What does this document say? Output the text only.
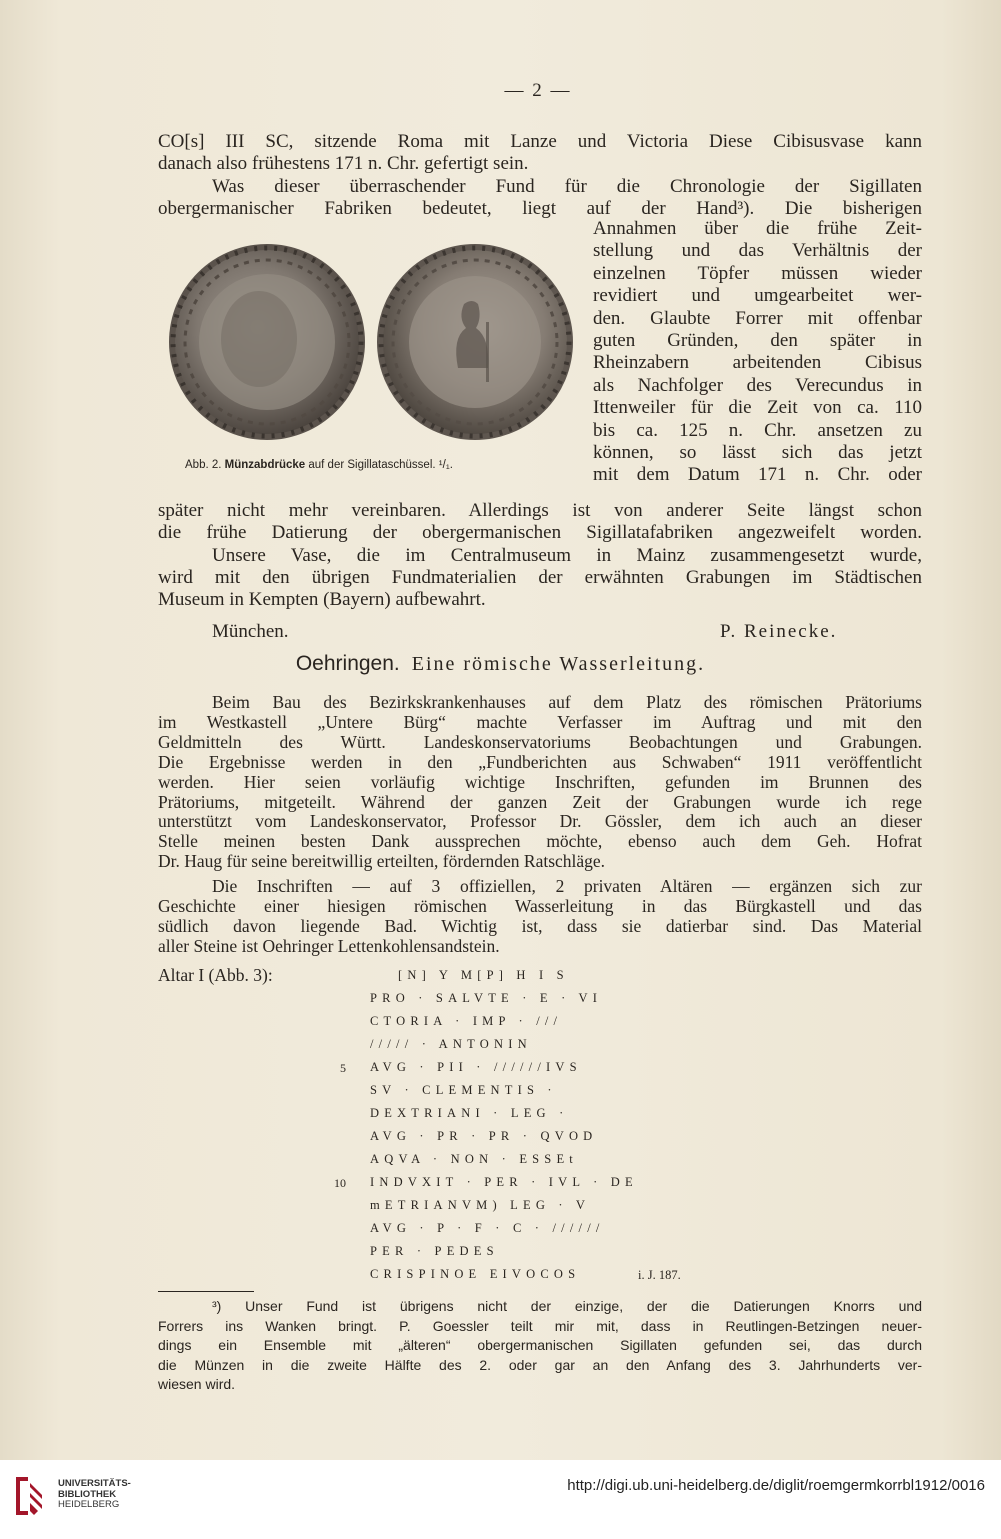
— 2 —

CO[s] III SC, sitzende Roma mit Lanze und Victoria Diese Cibisusvase kann
danach also frühestens 171 n. Chr. gefertigt sein.

Was dieser überraschender Fund für die Chronologie der Sigillaten
obergermanischer Fabriken bedeutet, liegt auf der Hand³). Die bisherigen

Annahmen über die frühe Zeit-
stellung und das Verhältnis der
einzelnen Töpfer müssen wieder
revidiert und umgearbeitet wer-
den. Glaubte Forrer mit offenbar
guten Gründen, den später in
Rheinzabern arbeitenden Cibisus
als Nachfolger des Verecundus in
Ittenweiler für die Zeit von ca. 110
bis ca. 125 n. Chr. ansetzen zu
können, so lässt sich das jetzt
mit dem Datum 171 n. Chr. oder

Abb. 2. Münzabdrücke auf der Sigillataschüssel. ¹/₁.

später nicht mehr vereinbaren. Allerdings ist von anderer Seite längst schon
die frühe Datierung der obergermanischen Sigillatafabriken angezweifelt worden.

Unsere Vase, die im Centralmuseum in Mainz zusammengesetzt wurde,
wird mit den übrigen Fundmaterialien der erwähnten Grabungen im Städtischen
Museum in Kempten (Bayern) aufbewahrt.

München.	P. Reinecke.
Oehringen. Eine römische Wasserleitung.

Beim Bau des Bezirkskrankenhauses auf dem Platz des römischen Prätoriums
im Westkastell „Untere Bürg“ machte Verfasser im Auftrag und mit den
Geldmitteln des Württ. Landeskonservatoriums Beobachtungen und Grabungen.
Die Ergebnisse werden in den „Fundberichten aus Schwaben“ 1911 veröffentlicht
werden. Hier seien vorläufig wichtige Inschriften, gefunden im Brunnen des
Prätoriums, mitgeteilt. Während der ganzen Zeit der Grabungen wurde ich rege
unterstützt vom Landeskonservator, Professor Dr. Gössler, dem ich auch an dieser
Stelle meinen besten Dank aussprechen möchte, ebenso auch dem Geh. Hofrat
Dr. Haug für seine bereitwillig erteilten, fördernden Ratschläge.

Die Inschriften — auf 3 offiziellen, 2 privaten Altären — ergänzen sich zur
Geschichte einer hiesigen römischen Wasserleitung in das Bürgkastell und das
südlich davon liegende Bad. Wichtig ist, dass sie datierbar sind. Das Material
aller Steine ist Oehringer Lettenkohlensandstein.

Altar I (Abb. 3):	[N] Y M[P] H I S
PRO · SALVTE · E · VI
CTORIA · IMP · ///
///// · ANTONIN
AVG · PII · //////IVS
SV · CLEMENTIS ·
DEXTRIANI · LEG ·
AVG · PR · PR · QVOD
AQVA · NON · ESSEt
INDVXIT · PER · IVL · DE
mETRIANVM) LEG · V
AVG · P · F · C · //////
PER · PEDES
CRISPINOE EIVOCOS
5
10
i. J. 187.

³) Unser Fund ist übrigens nicht der einzige, der die Datierungen Knorrs und
Forrers ins Wanken bringt. P. Goessler teilt mir mit, dass in Reutlingen-Betzingen neuer-
dings ein Ensemble mit „älteren“ obergermanischen Sigillaten gefunden sei, das durch
die Münzen in die zweite Hälfte des 2. oder gar an den Anfang des 3. Jahrhunderts ver-
wiesen wird.

UNIVERSITÄTS-
BIBLIOTHEK
HEIDELBERG
http://digi.ub.uni-heidelberg.de/diglit/roemgermkorrbl1912/0016
